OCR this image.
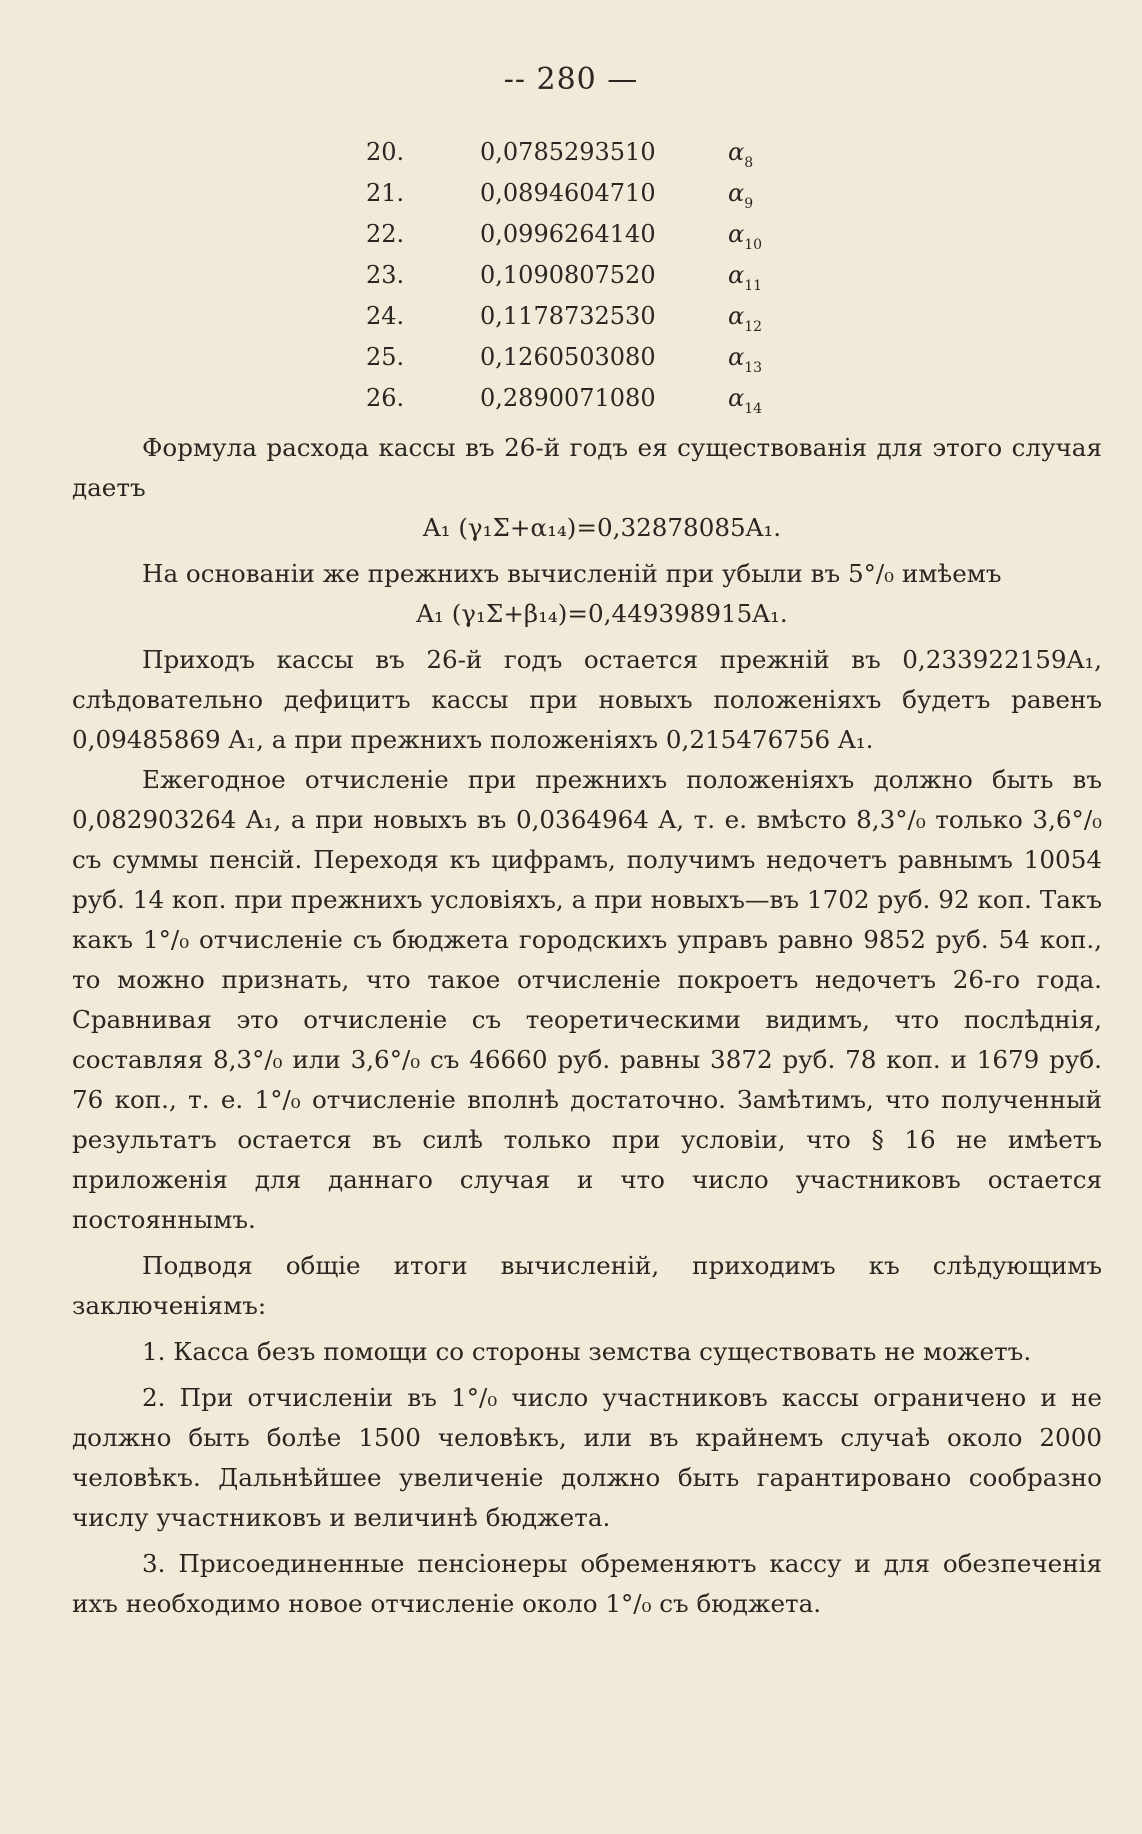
-- 280 —
20.	0,0785293510	$\alpha_8$
21.	0,0894604710	$\alpha_9$
22.	0,0996264140	$\alpha_{10}$
23.	0,1090807520	$\alpha_{11}$
24.	0,1178732530	$\alpha_{12}$
25.	0,1260503080	$\alpha_{13}$
26.	0,2890071080	$\alpha_{14}$

Формула расхода кассы въ 26-й годъ ея существованія для этого случая даетъ

A₁ (γ₁Σ+α₁₄)=0,32878085A₁.

На основаніи же прежнихъ вычисленій при убыли въ 5°/₀ имѣемъ

A₁ (γ₁Σ+β₁₄)=0,449398915A₁.

Приходъ кассы въ 26-й годъ остается прежній въ 0,233922159A₁, слѣдовательно дефицитъ кассы при новыхъ положеніяхъ будетъ равенъ 0,09485869 A₁, а при прежнихъ положеніяхъ 0,215476756 A₁.

Ежегодное отчисленіе при прежнихъ положеніяхъ должно быть въ 0,082903264 A₁, а при новыхъ въ 0,0364964 A, т. е. вмѣсто 8,3°/₀ только 3,6°/₀ съ суммы пенсій. Переходя къ цифрамъ, получимъ недочетъ равнымъ 10054 руб. 14 коп. при прежнихъ условіяхъ, а при новыхъ—въ 1702 руб. 92 коп. Такъ какъ 1°/₀ отчисленіе съ бюджета городскихъ управъ равно 9852 руб. 54 коп., то можно признать, что такое отчисленіе покроетъ недочетъ 26-го года. Сравнивая это отчисленіе съ теоретическими видимъ, что послѣднія, составляя 8,3°/₀ или 3,6°/₀ съ 46660 руб. равны 3872 руб. 78 коп. и 1679 руб. 76 коп., т. е. 1°/₀ отчисленіе вполнѣ достаточно. Замѣтимъ, что полученный результатъ остается въ силѣ только при условіи, что § 16 не имѣетъ приложенія для даннаго случая и что число участниковъ остается постояннымъ.

Подводя общіе итоги вычисленій, приходимъ къ слѣдующимъ заключеніямъ:

1. Касса безъ помощи со стороны земства существовать не можетъ.

2. При отчисленіи въ 1°/₀ число участниковъ кассы ограничено и не должно быть болѣе 1500 человѣкъ, или въ крайнемъ случаѣ около 2000 человѣкъ. Дальнѣйшее увеличеніе должно быть гарантировано сообразно числу участниковъ и величинѣ бюджета.

3. Присоединенные пенсіонеры обременяютъ кассу и для обезпеченія ихъ необходимо новое отчисленіе около 1°/₀ съ бюджета.
